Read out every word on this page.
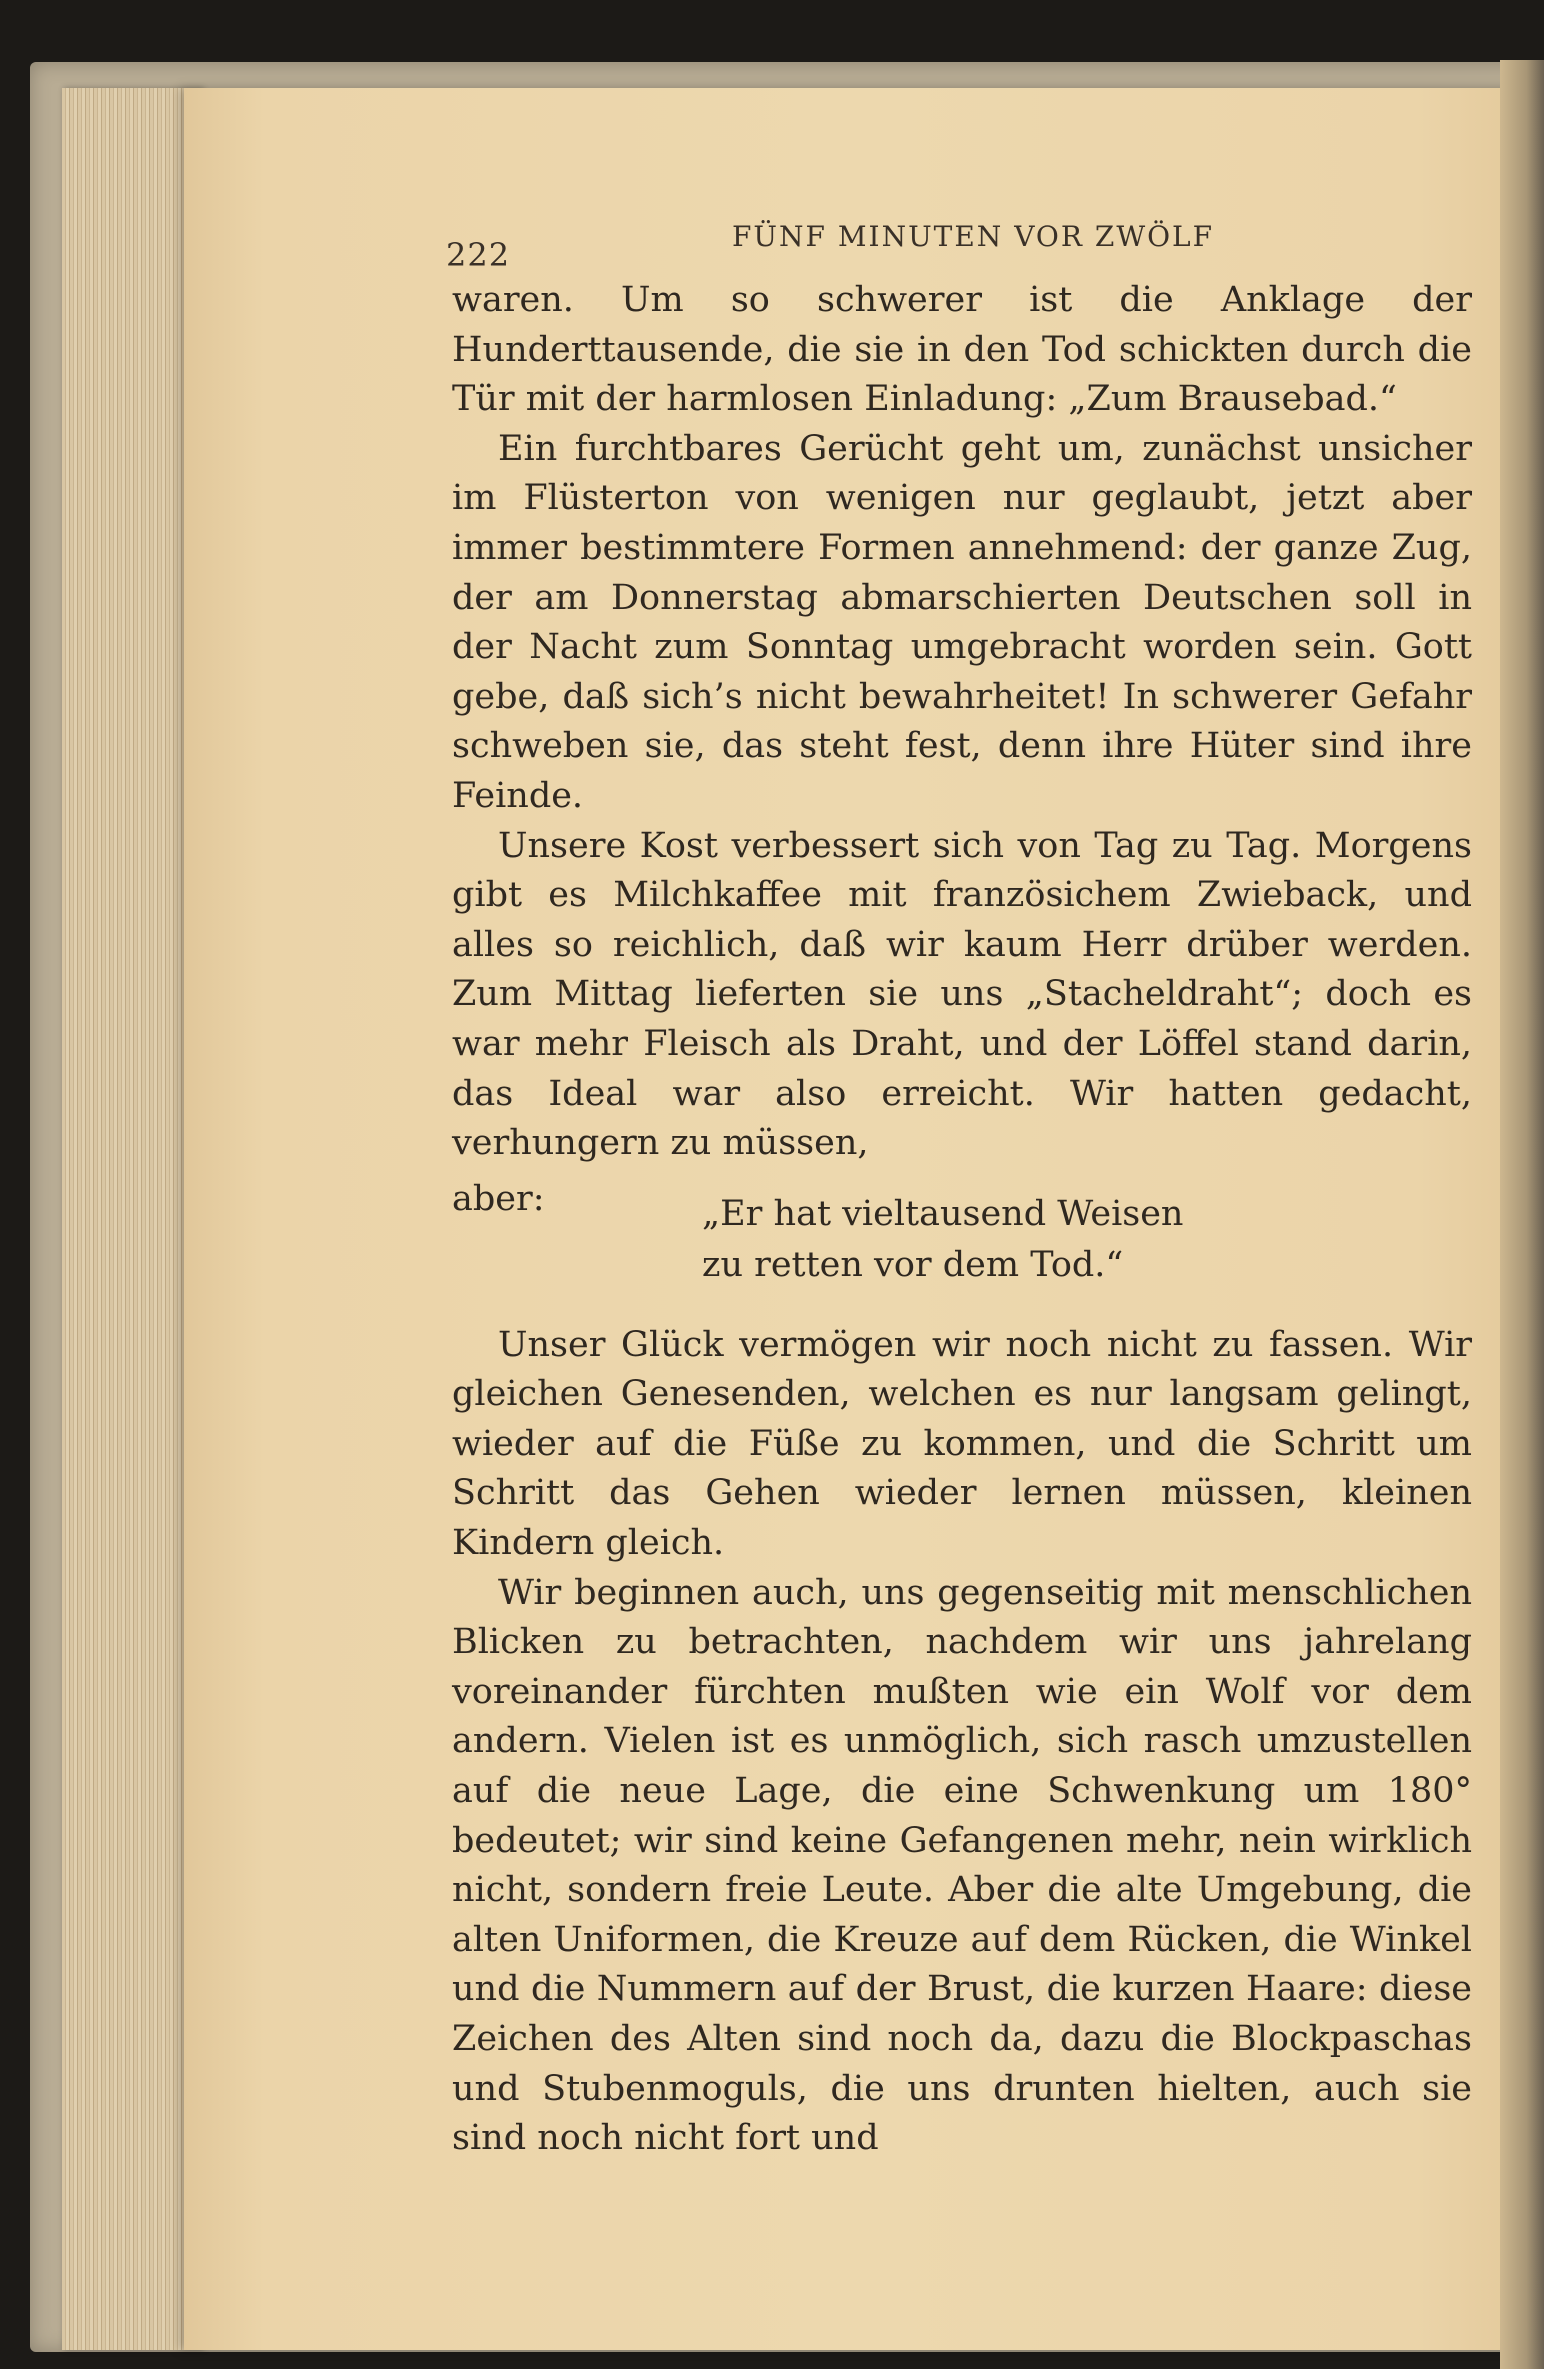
222	FÜNF MINUTEN VOR ZWÖLF

waren. Um so schwerer ist die Anklage der Hunderttausende, die sie in den Tod schickten durch die Tür mit der harmlosen Einladung: „Zum Brausebad.“

Ein furchtbares Gerücht geht um, zunächst unsicher im Flüsterton von wenigen nur geglaubt, jetzt aber immer bestimmtere Formen annehmend: der ganze Zug, der am Donnerstag abmarschierten Deutschen soll in der Nacht zum Sonntag umgebracht worden sein. Gott gebe, daß sich’s nicht bewahrheitet! In schwerer Gefahr schweben sie, das steht fest, denn ihre Hüter sind ihre Feinde.

Unsere Kost verbessert sich von Tag zu Tag. Morgens gibt es Milchkaffee mit französichem Zwieback, und alles so reichlich, daß wir kaum Herr drüber werden. Zum Mittag lieferten sie uns „Stacheldraht“; doch es war mehr Fleisch als Draht, und der Löffel stand darin, das Ideal war also erreicht. Wir hatten gedacht, verhungern zu müssen,

aber:	„Er hat vieltausend Weisen
zu retten vor dem Tod.“

Unser Glück vermögen wir noch nicht zu fassen. Wir gleichen Genesenden, welchen es nur langsam gelingt, wieder auf die Füße zu kommen, und die Schritt um Schritt das Gehen wieder lernen müssen, kleinen Kindern gleich.

Wir beginnen auch, uns gegenseitig mit menschlichen Blicken zu betrachten, nachdem wir uns jahrelang voreinander fürchten mußten wie ein Wolf vor dem andern. Vielen ist es unmöglich, sich rasch umzustellen auf die neue Lage, die eine Schwenkung um 180° bedeutet; wir sind keine Gefangenen mehr, nein wirklich nicht, sondern freie Leute. Aber die alte Umgebung, die alten Uniformen, die Kreuze auf dem Rücken, die Winkel und die Nummern auf der Brust, die kurzen Haare: diese Zeichen des Alten sind noch da, dazu die Blockpaschas und Stubenmoguls, die uns drunten hielten, auch sie sind noch nicht fort und
